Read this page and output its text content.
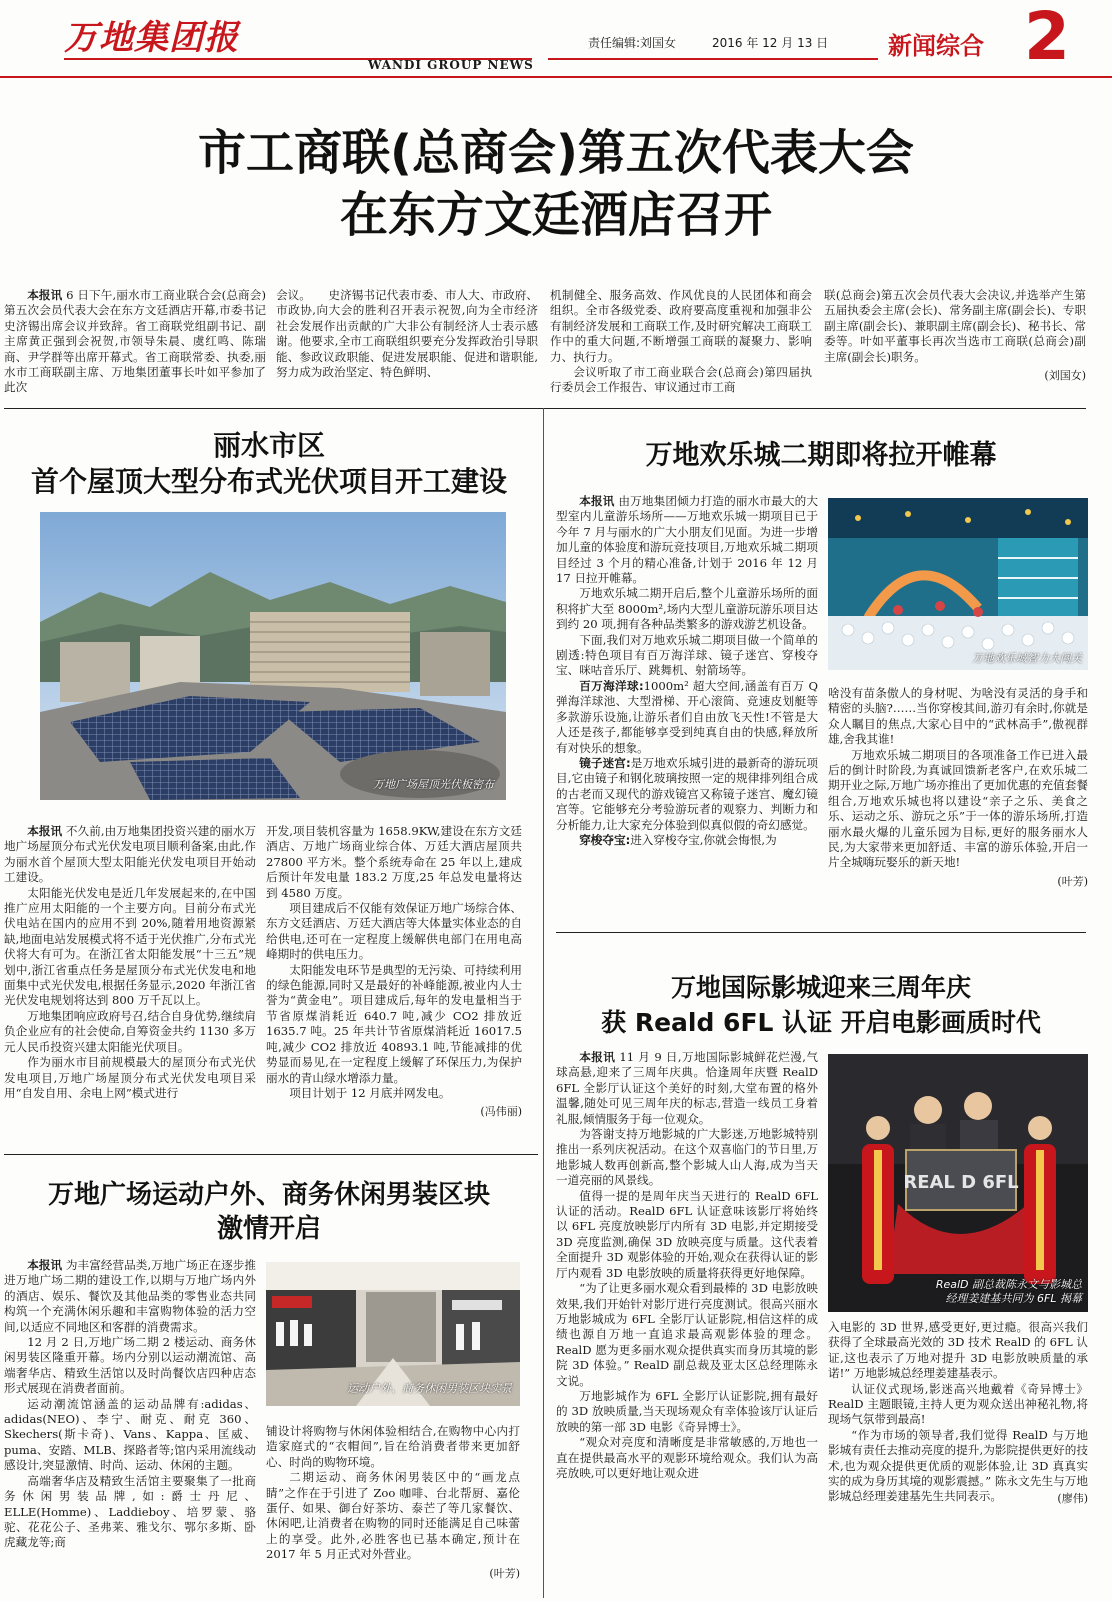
万地集团报
WANDI GROUP NEWS
责任编辑:刘国女	2016 年 12 月 13 日 新闻综合 2
市工商联(总商会)第五次代表大会
在东方文廷酒店召开

本报讯 6 日下午,丽水市工商业联合会(总商会)第五次会员代表大会在东方文廷酒店开幕,市委书记史济锡出席会议并致辞。省工商联党组副书记、副主席黄正强到会祝贺,市领导朱晨、虞红鸣、陈瑞商、尹学群等出席开幕式。省工商联常委、执委,丽水市工商联副主席、万地集团董事长叶如平参加了此次

会议。　　史济锡书记代表市委、市人大、市政府、市政协,向大会的胜利召开表示祝贺,向为全市经济社会发展作出贡献的广大非公有制经济人士表示感谢。他要求,全市工商联组织要充分发挥政治引导职能、参政议政职能、促进发展职能、促进和谐职能,努力成为政治坚定、特色鲜明、

机制健全、服务高效、作风优良的人民团体和商会组织。全市各级党委、政府要高度重视和加强非公有制经济发展和工商联工作,及时研究解决工商联工作中的重大问题,不断增强工商联的凝聚力、影响力、执行力。

会议听取了市工商业联合会(总商会)第四届执行委员会工作报告、审议通过市工商

联(总商会)第五次会员代表大会决议,并选举产生第五届执委会主席(会长)、常务副主席(副会长)、专职副主席(副会长)、兼职副主席(副会长)、秘书长、常委等。叶如平董事长再次当选市工商联(总商会)副主席(副会长)职务。

(刘国女)
丽水市区
首个屋顶大型分布式光伏项目开工建设
万地广场屋顶光伏板密布

本报讯 不久前,由万地集团投资兴建的丽水万地广场屋顶分布式光伏发电项目顺利备案,由此,作为丽水首个屋顶大型太阳能光伏发电项目开始动工建设。

太阳能光伏发电是近几年发展起来的,在中国推广应用太阳能的一个主要方向。目前分布式光伏电站在国内的应用不到 20%,随着用地资源紧缺,地面电站发展模式将不适于光伏推广,分布式光伏将大有可为。在浙江省太阳能发展“十三五”规划中,浙江省重点任务是屋顶分布式光伏发电和地面集中式光伏发电,根据任务显示,2020 年浙江省光伏发电规划将达到 800 万千瓦以上。

万地集团响应政府号召,结合自身优势,继续肩负企业应有的社会使命,自筹资金共约 1130 多万元人民币投资兴建太阳能光伏项目。

作为丽水市目前规模最大的屋顶分布式光伏发电项目,万地广场屋顶分布式光伏发电项目采用“自发自用、余电上网”模式进行

开发,项目装机容量为 1658.9KW,建设在东方文廷酒店、万地广场商业综合体、万廷大酒店屋顶共 27800 平方米。整个系统寿命在 25 年以上,建成后预计年发电量 183.2 万度,25 年总发电量将达到 4580 万度。

项目建成后不仅能有效保证万地广场综合体、东方文廷酒店、万廷大酒店等大体量实体业态的自给供电,还可在一定程度上缓解供电部门在用电高峰期时的供电压力。

太阳能发电环节是典型的无污染、可持续利用的绿色能源,同时又是最好的补峰能源,被业内人士誉为“黄金电”。项目建成后,每年的发电量相当于节省原煤消耗近 640.7 吨,减少 CO2 排放近 1635.7 吨。25 年共计节省原煤消耗近 16017.5 吨,减少 CO2 排放近 40893.1 吨,节能减排的优势显而易见,在一定程度上缓解了环保压力,为保护丽水的青山绿水增添力量。

项目计划于 12 月底并网发电。

(冯伟丽)
万地广场运动户外、商务休闲男装区块
激情开启

本报讯 为丰富经营品类,万地广场正在逐步推进万地广场二期的建设工作,以期与万地广场内外的酒店、娱乐、餐饮及其他品类的零售业态共同构筑一个充满休闲乐趣和丰富购物体验的活力空间,以适应不同地区和客群的消费需求。

12 月 2 日,万地广场二期 2 楼运动、商务休闲男装区隆重开幕。场内分别以运动潮流馆、高端奢华店、精致生活馆以及时尚餐饮店四种店态形式展现在消费者面前。

运动潮流馆涵盖的运动品牌有:adidas、adidas(NEO)、李宁、耐克、耐克 360、Skechers(斯卡奇)、Vans、Kappa、匡威、puma、安踏、MLB、探路者等;馆内采用流线动感设计,突显激情、时尚、运动、休闲的主题。

高端奢华店及精致生活馆主要聚集了一批商务休闲男装品牌,如:爵士丹尼、ELLE(Homme)、Laddieboy、培罗蒙、骆驼、花花公子、圣弗莱、雅戈尔、鄂尔多斯、卧虎藏龙等;商

运动户外、商务休闲男装区块实景

铺设计将购物与休闲体验相结合,在购物中心内打造家庭式的“衣帽间”,旨在给消费者带来更加舒心、时尚的购物环境。

二期运动、商务休闲男装区中的“画龙点睛”之作在于引进了 Zoo 咖啡、台北帮厨、嘉伦蛋仔、如果、御台好茶坊、泰芒了等几家餐饮、休闲吧,让消费者在购物的同时还能满足自己味蕾上的享受。此外,必胜客也已基本确定,预计在 2017 年 5 月正式对外营业。

(叶芳)
万地欢乐城二期即将拉开帷幕

本报讯 由万地集团倾力打造的丽水市最大的大型室内儿童游乐场所——万地欢乐城一期项目已于今年 7 月与丽水的广大小朋友们见面。为进一步增加儿童的体验度和游玩竞技项目,万地欢乐城二期项目经过 3 个月的精心准备,计划于 2016 年 12 月 17 日拉开帷幕。

万地欢乐城二期开启后,整个儿童游乐场所的面积将扩大至 8000m²,场内大型儿童游玩游乐项目达到约 20 项,拥有各种品类繁多的游戏游艺机设备。

下面,我们对万地欢乐城二期项目做一个简单的剧透:特色项目有百万海洋球、镜子迷宫、穿梭夺宝、咪咕音乐厅、跳舞机、射箭场等。

百万海洋球:1000m² 超大空间,涵盖有百万 Q 弹海洋球池、大型滑梯、开心滚筒、竞速皮划艇等多款游乐设施,让游乐者们自由放飞天性!不管是大人还是孩子,都能够享受到纯真自由的快感,释放所有对快乐的想象。

镜子迷宫:是万地欢乐城引进的最新奇的游玩项目,它由镜子和钢化玻璃按照一定的规律排列组合成的古老而又现代的游戏镜宫又称镜子迷宫、魔幻镜宫等。它能够充分考验游玩者的观察力、判断力和分析能力,让大家充分体验到似真似假的奇幻感觉。

穿梭夺宝:进入穿梭夺宝,你就会悔恨,为

万地欢乐城智力大闯关

啥没有苗条傲人的身材呢、为啥没有灵活的身手和精密的头脑?……当你穿梭其间,游刃有余时,你就是众人瞩目的焦点,大家心目中的“武林高手”,傲视群雄,舍我其谁!

万地欢乐城二期项目的各项准备工作已进入最后的倒计时阶段,为真诚回馈新老客户,在欢乐城二期开业之际,万地广场亦推出了更加优惠的充值套餐组合,万地欢乐城也将以建设“亲子之乐、美食之乐、运动之乐、游玩之乐”于一体的游乐场所,打造丽水最火爆的儿童乐园为目标,更好的服务丽水人民,为大家带来更加舒适、丰富的游乐体验,开启一片全城嗨玩娶乐的新天地!

(叶芳)
万地国际影城迎来三周年庆
获 Reald 6FL 认证 开启电影画质时代

本报讯 11 月 9 日,万地国际影城鲜花烂漫,气球高悬,迎来了三周年庆典。恰逢周年庆暨 RealD 6FL 全影厅认证这个美好的时刻,大堂布置的格外温馨,随处可见三周年庆的标志,营造一线员工身着礼服,倾情服务于每一位观众。

为答谢支持万地影城的广大影迷,万地影城特别推出一系列庆祝活动。在这个双喜临门的节日里,万地影城人数再创新高,整个影城人山人海,成为当天一道亮丽的风景线。

值得一提的是周年庆当天进行的 RealD 6FL 认证的活动。RealD 6FL 认证意味该影厅将始终以 6FL 亮度放映影厅内所有 3D 电影,并定期接受 3D 亮度监测,确保 3D 放映亮度与质量。这代表着全面提升 3D 观影体验的开始,观众在获得认证的影厅内观看 3D 电影放映的质量将获得更好地保障。

“为了让更多丽水观众看到最棒的 3D 电影放映效果,我们开始针对影厅进行亮度测试。很高兴丽水万地影城成为 6FL 全影厅认证影院,相信这样的成绩也源自万地一直追求最高观影体验的理念。RealD 愿为更多丽水观众提供真实而身历其境的影院 3D 体验。” RealD 副总裁及亚太区总经理陈永文说。

万地影城作为 6FL 全影厅认证影院,拥有最好的 3D 放映质量,当天现场观众有幸体验该厅认证后放映的第一部 3D 电影《奇异博士》。

“观众对亮度和清晰度是非常敏感的,万地也一直在提供最高水平的观影环境给观众。我们认为高亮放映,可以更好地让观众进

REAL D 6FL
RealD 副总裁陈永文与影城总
经理姜建基共同为 6FL 揭幕

入电影的 3D 世界,感受更好,更过瘾。很高兴我们获得了全球最高光效的 3D 技术 RealD 的 6FL 认证,这也表示了万地对提升 3D 电影放映质量的承诺!” 万地影城总经理姜建基表示。

认证仪式现场,影迷高兴地戴着《奇异博士》RealD 主题眼镜,主持人更为观众送出神秘礼物,将现场气氛带到最高!

“作为市场的领导者,我们觉得 RealD 与万地影城有责任去推动亮度的提升,为影院提供更好的技术,也为观众提供更优质的观影体验,让 3D 真真实实的成为身历其境的观影震撼。” 陈永文先生与万地影城总经理姜建基先生共同表示。	(廖伟)
